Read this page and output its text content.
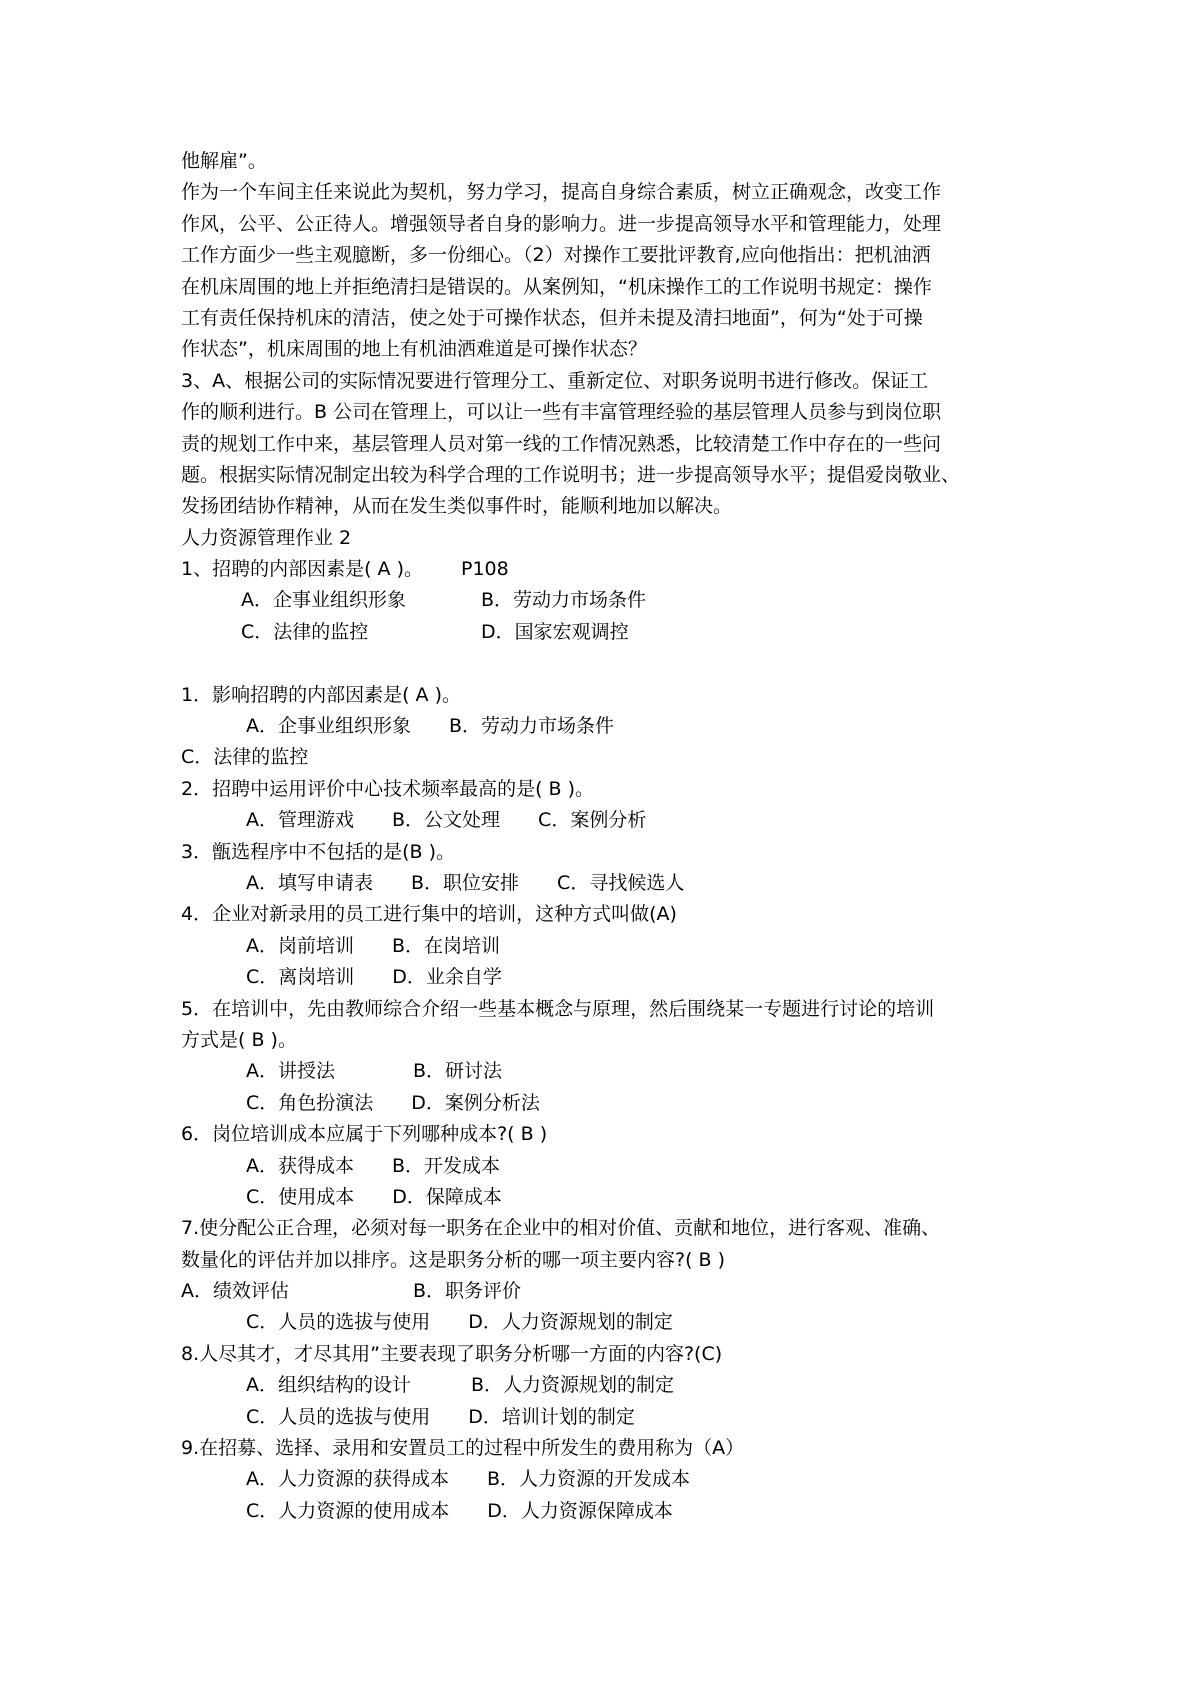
他解雇”。
作为一个车间主任来说此为契机，努力学习，提高自身综合素质，树立正确观念，改变工作
作风，公平、公正待人。增强领导者自身的影响力。进一步提高领导水平和管理能力，处理
工作方面少一些主观臆断，多一份细心。（2）对操作工要批评教育,应向他指出：把机油洒
在机床周围的地上并拒绝清扫是错误的。从案例知，“机床操作工的工作说明书规定：操作
工有责任保持机床的清洁，使之处于可操作状态，但并未提及清扫地面”，何为“处于可操
作状态”，机床周围的地上有机油洒难道是可操作状态？
3、A、根据公司的实际情况要进行管理分工、重新定位、对职务说明书进行修改。保证工
作的顺利进行。B 公司在管理上，可以让一些有丰富管理经验的基层管理人员参与到岗位职
责的规划工作中来，基层管理人员对第一线的工作情况熟悉，比较清楚工作中存在的一些问
题。根据实际情况制定出较为科学合理的工作说明书；进一步提高领导水平；提倡爱岗敬业、
发扬团结协作精神，从而在发生类似事件时，能顺利地加以解决。
人力资源管理作业 2
1、招聘的内部因素是( A )。 P108
A．企事业组织形象	B．劳动力市场条件
C．法律的监控	D．国家宏观调控
1．影响招聘的内部因素是( A )。
A．企事业组织形象 B．劳动力市场条件
C．法律的监控
2．招聘中运用评价中心技术频率最高的是( B )。
A．管理游戏 B．公文处理 C．案例分析
3．甑选程序中不包括的是(B )。
A．填写申请表 B．职位安排 C．寻找候选人
4．企业对新录用的员工进行集中的培训，这种方式叫做(A)
A．岗前培训 B．在岗培训
C．离岗培训 D．业余自学
5．在培训中，先由教师综合介绍一些基本概念与原理，然后围绕某一专题进行讨论的培训
方式是( B )。
A．讲授法	B．研讨法
C．角色扮演法 D．案例分析法
6．岗位培训成本应属于下列哪种成本?( B )
A．获得成本 B．开发成本
C．使用成本 D．保障成本
7.使分配公正合理，必须对每一职务在企业中的相对价值、贡献和地位，进行客观、准确、
数量化的评估并加以排序。这是职务分析的哪一项主要内容?( B )
A．绩效评估	B．职务评价
C．人员的选拔与使用 D．人力资源规划的制定
8.人尽其才，才尽其用”主要表现了职务分析哪一方面的内容?(C)
A．组织结构的设计	B．人力资源规划的制定
C．人员的选拔与使用 D．培训计划的制定
9.在招募、选择、录用和安置员工的过程中所发生的费用称为（A）
A．人力资源的获得成本 B．人力资源的开发成本
C．人力资源的使用成本 D．人力资源保障成本
